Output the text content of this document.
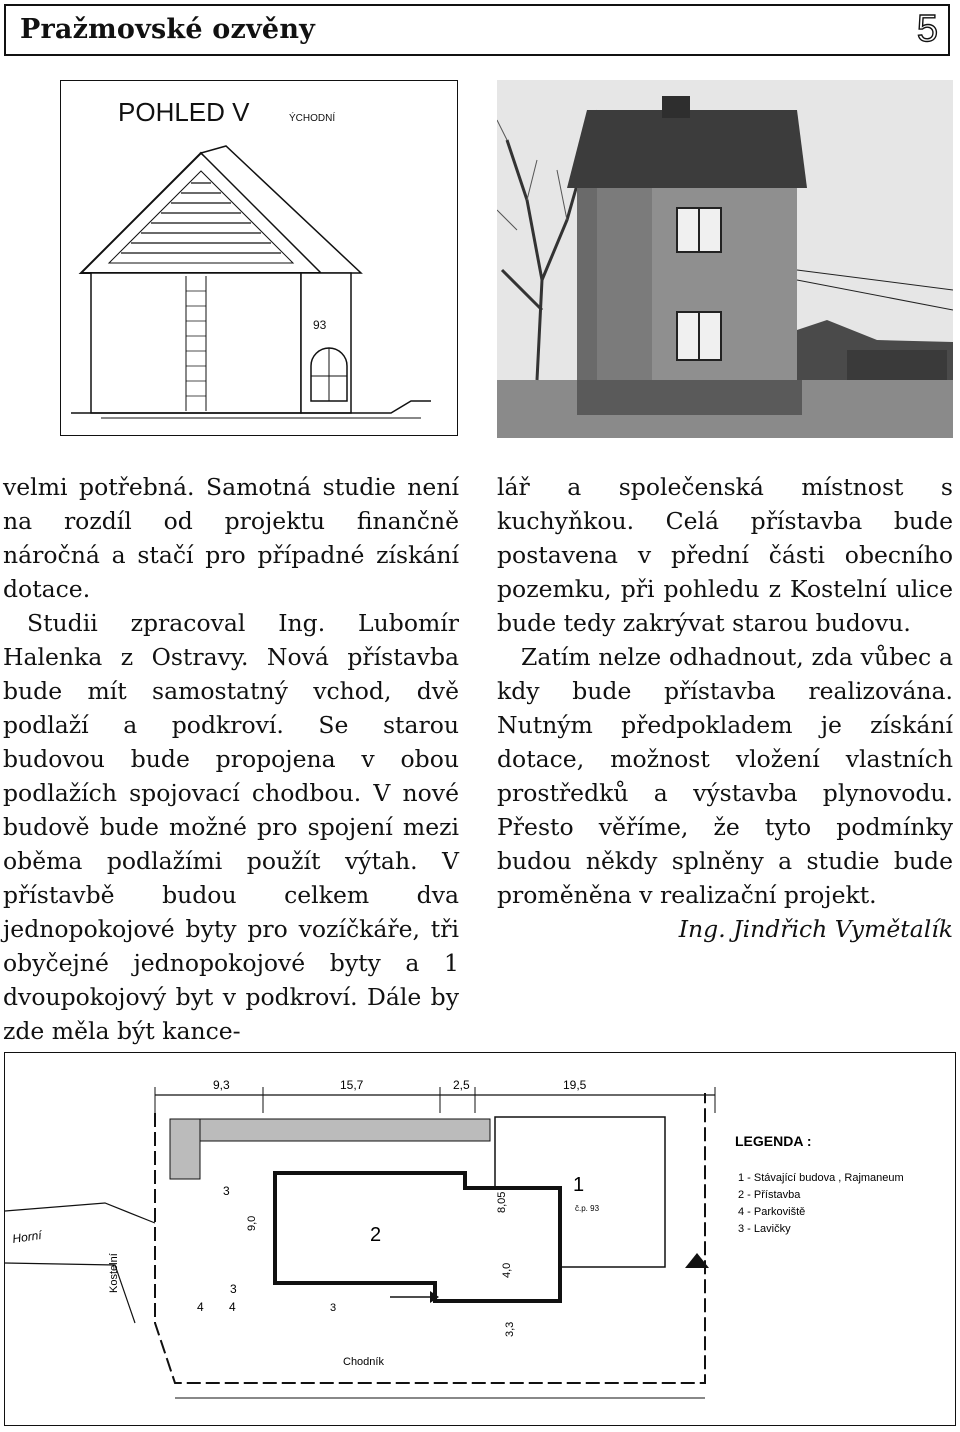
Pražmovské ozvěny	5
POHLED V	ÝCHODNÍ
93

velmi potřebná. Samotná studie není na rozdíl od projektu finančně náročná a stačí pro případné získání dotace.

Studii zpracoval Ing. Lubomír Halenka z Ostravy. Nová přístavba bude mít samostatný vchod, dvě podlaží a podkroví. Se starou budovou bude propojena v obou podlažích spojovací chodbou. V nové budově bude možné pro spojení mezi oběma podlažími použít výtah. V přístavbě budou celkem dva jednopokojové byty pro vozíčkáře, tři obyčejné jednopokojové byty a 1 dvoupokojový byt v podkroví. Dále by zde měla být kance-

lář a společenská místnost s kuchyňkou. Celá přístavba bude postavena v přední části obecního pozemku, při pohledu z Kostelní ulice bude tedy zakrývat starou budovu.

Zatím nelze odhadnout, zda vůbec a kdy bude přístavba realizována. Nutným předpokladem je získání dotace, možnost vložení vlastních prostředků a výstavba plynovodu. Přesto věříme, že tyto podmínky budou někdy splněny a studie bude proměněna v realizační projekt.

Ing. Jindřich Vymětalík

9,3	15,7	2,5	19,5
1
č.p. 93
2
9,0
8,05
4,0
3,3
3
3
3
4 4
Horní
Kostelní
Chodník
LEGENDA :
1 - Stávající budova , Rajmaneum
2 - Přístavba
4 - Parkoviště
3 - Lavičky
